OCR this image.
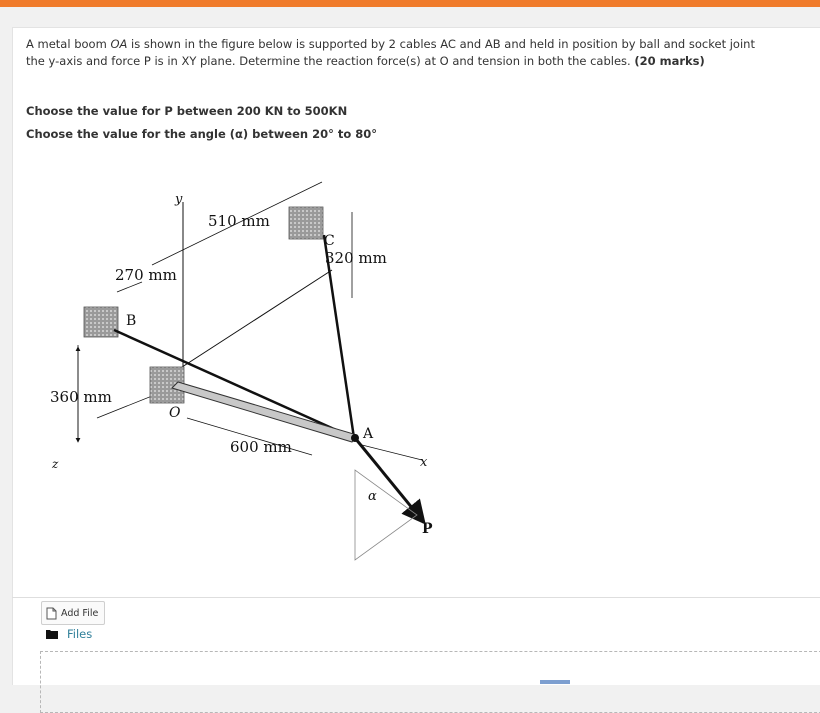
A metal boom OA is shown in the figure below is supported by 2 cables AC and AB and held in position by ball and socket joint

the y-axis and force P is in XY plane. Determine the reaction force(s) at O and tension in both the cables. (20 marks)

Choose the value for P between 200 KN to 500KN
Choose the value for the angle (α) between 20° to 80°
510 mm
270 mm
320 mm
360 mm
600 mm
y
z	x
B
C
O
A
P
α
Add File
Files
